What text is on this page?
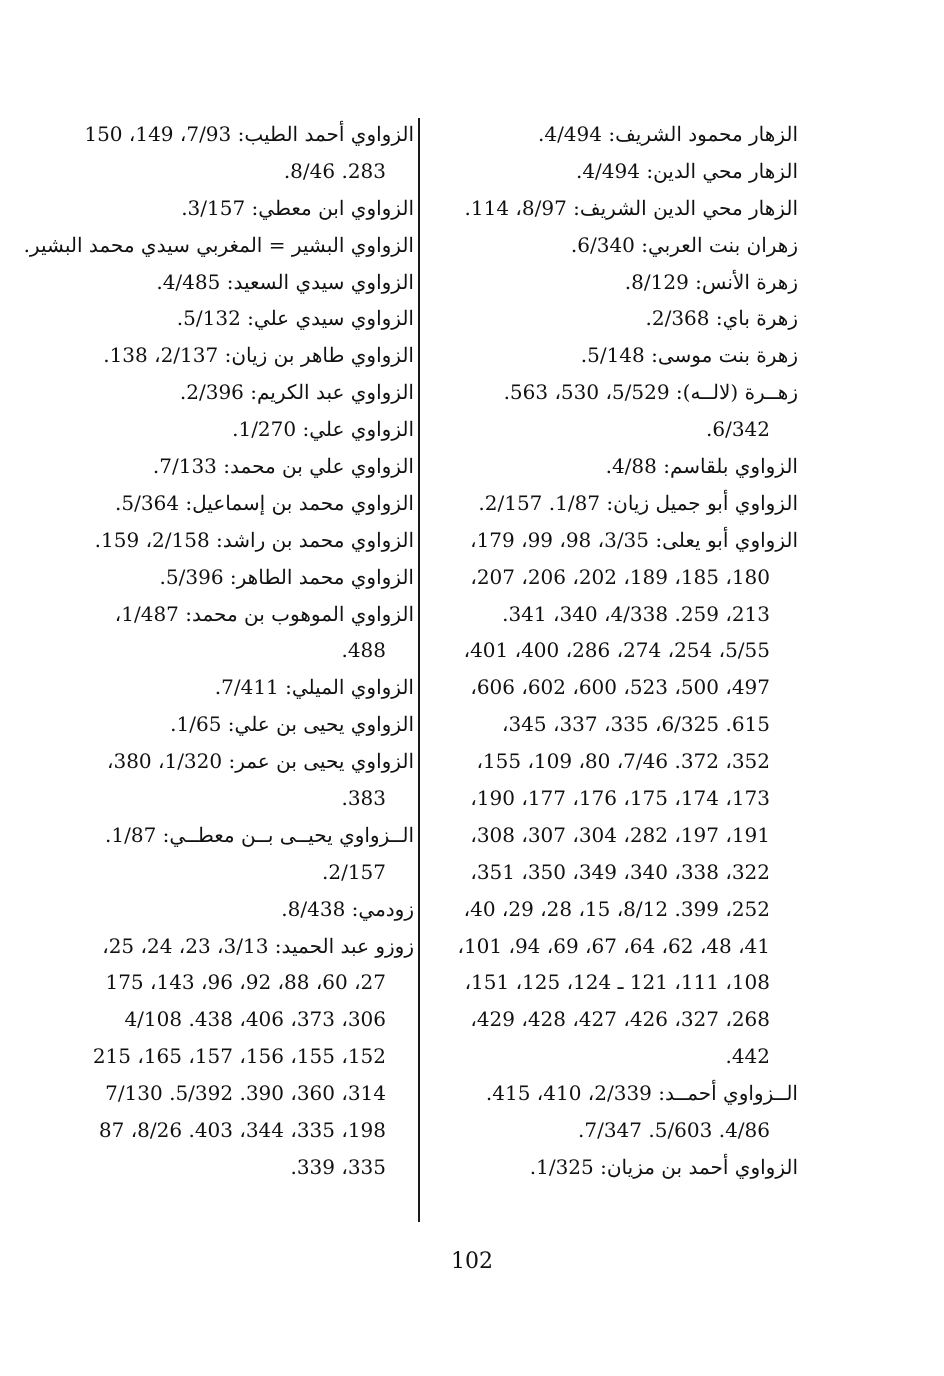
الزهار محمود الشريف: 4/494.
الزهار محي الدين: 4/494.
الزهار محي الدين الشريف: 8/97، 114.
زهران بنت العربي: 6/340.
زهرة الأنس: 8/129.
زهرة باي: 2/368.
زهرة بنت موسى: 5/148.
زهــرة (لالــه): 5/529، 530، 563.
6/342.
الزواوي بلقاسم: 4/88.
الزواوي أبو جميل زيان: 1/87. 2/157.
الزواوي أبو يعلى: 3/35، 98، 99، 179،
180، 185، 189، 202، 206، 207،
213، 259. 4/338، 340، 341.
5/55، 254، 274، 286، 400، 401،
497، 500، 523، 600، 602، 606،
615. 6/325، 335، 337، 345،
352، 372. 7/46، 80، 109، 155،
173، 174، 175، 176، 177، 190،
191، 197، 282، 304، 307، 308،
322، 338، 340، 349، 350، 351،
252، 399. 8/12، 15، 28، 29، 40،
41، 48، 62، 64، 67، 69، 94، 101،
108، 111، 121 ـ 124، 125، 151،
268، 327، 426، 427، 428، 429،
442.
الــزواوي أحمــد: 2/339، 410، 415.
4/86. 5/603. 7/347.
الزواوي أحمد بن مزيان: 1/325.
الزواوي أحمد الطيب: 7/93، 149، 150
283. 8/46.
الزواوي ابن معطي: 3/157.
الزواوي البشير = المغربي سيدي محمد البشير.
الزواوي سيدي السعيد: 4/485.
الزواوي سيدي علي: 5/132.
الزواوي طاهر بن زيان: 2/137، 138.
الزواوي عبد الكريم: 2/396.
الزواوي علي: 1/270.
الزواوي علي بن محمد: 7/133.
الزواوي محمد بن إسماعيل: 5/364.
الزواوي محمد بن راشد: 2/158، 159.
الزواوي محمد الطاهر: 5/396.
الزواوي الموهوب بن محمد: 1/487،
488.
الزواوي الميلي: 7/411.
الزواوي يحيى بن علي: 1/65.
الزواوي يحيى بن عمر: 1/320، 380،
383.
الــزواوي يحيــى بــن معطــي: 1/87.
2/157.
زودمي: 8/438.
زوزو عبد الحميد: 3/13، 23، 24، 25،
27، 60، 88، 92، 96، 143، 175
306، 373، 406، 438. 4/108
152، 155، 156، 157، 165، 215
314، 360، 390. 5/392. 7/130
198، 335، 344، 403. 8/26، 87
335، 339.
102
